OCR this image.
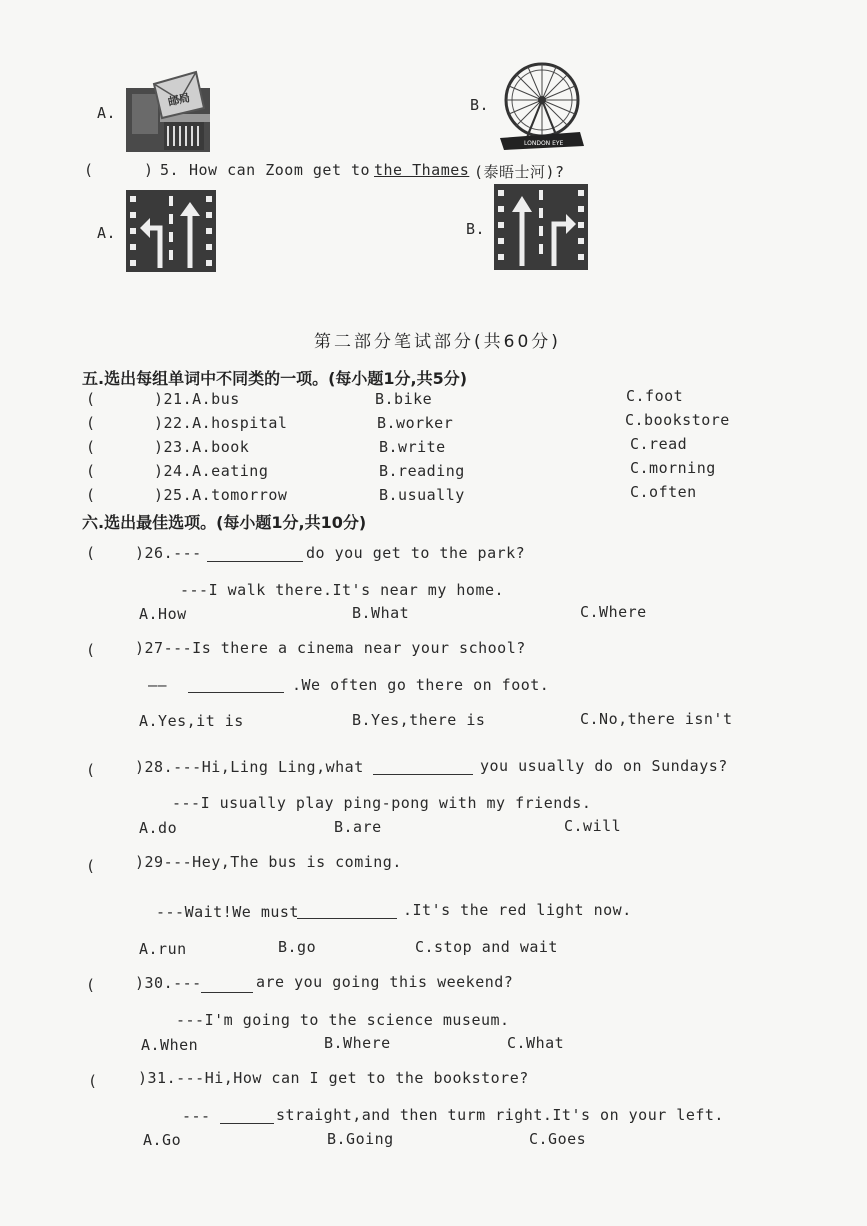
A.
邮局	B.
LONDON EYE
(	) 5. How can Zoom get to the Thames (泰晤士河)?
A.	B.
第二部分笔试部分(共60分)
五.选出每组单词中不同类的一项。(每小题1分,共5分)
(	)21.A.bus	B.bike	C.foot
(	)22.A.hospital	B.worker	C.bookstore
(	)23.A.book	B.write	C.read
(	)24.A.eating	B.reading	C.morning
(	)25.A.tomorrow	B.usually	C.often
六.选出最佳选项。(每小题1分,共10分)
(	)26.---	do you get to the park?
---I walk there.It's near my home.
A.How	B.What	C.Where
(	)27---Is there a cinema near your school?
——	.We often go there on foot.
A.Yes,it is	B.Yes,there is	C.No,there isn't
(	)28.---Hi,Ling Ling,what	you usually do on Sundays?
---I usually play ping-pong with my friends.
A.do	B.are	C.will
(	)29---Hey,The bus is coming.
---Wait!We must	.It's the red light now.
A.run	B.go	C.stop and wait
(	)30.---	are you going this weekend?
---I'm going to the science museum.
A.When	B.Where	C.What
(	)31.---Hi,How can I get to the bookstore?
---	straight,and then turm right.It's on your left.
A.Go	B.Going	C.Goes
